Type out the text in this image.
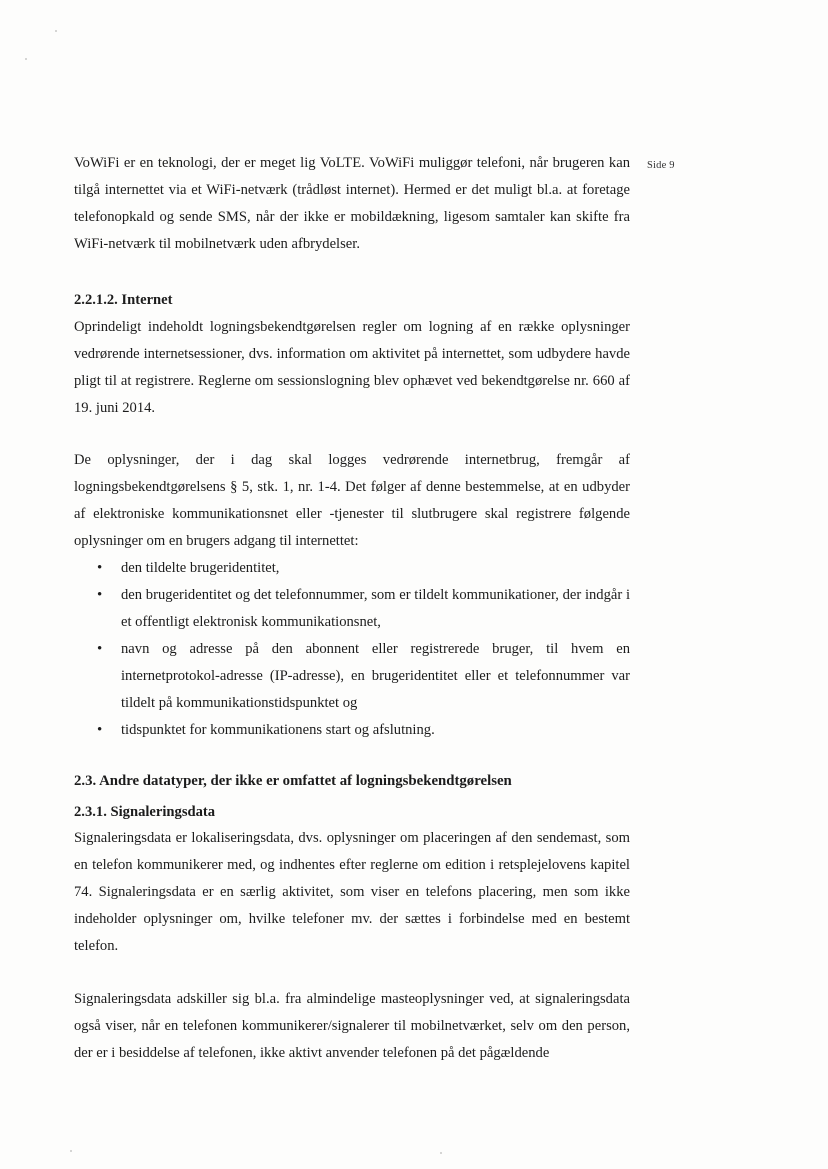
Side 9

VoWiFi er en teknologi, der er meget lig VoLTE. VoWiFi muliggør telefoni, når brugeren kan tilgå internettet via et WiFi-netværk (trådløst internet). Hermed er det muligt bl.a. at foretage telefonopkald og sende SMS, når der ikke er mobildækning, ligesom samtaler kan skifte fra WiFi-netværk til mobilnetværk uden afbrydelser.

2.2.1.2. Internet

Oprindeligt indeholdt logningsbekendtgørelsen regler om logning af en række oplysninger vedrørende internetsessioner, dvs. information om aktivitet på internettet, som udbydere havde pligt til at registrere. Reglerne om sessionslogning blev ophævet ved bekendtgørelse nr. 660 af 19. juni 2014.

De oplysninger, der i dag skal logges vedrørende internetbrug, fremgår af logningsbekendtgørelsens § 5, stk. 1, nr. 1-4. Det følger af denne bestemmelse, at en udbyder af elektroniske kommunikationsnet eller -tjenester til slutbrugere skal registrere følgende oplysninger om en brugers adgang til internettet:

• den tildelte brugeridentitet,
• den brugeridentitet og det telefonnummer, som er tildelt kommunikationer, der indgår i et offentligt elektronisk kommunikationsnet,
• navn og adresse på den abonnent eller registrerede bruger, til hvem en internetprotokol-adresse (IP-adresse), en brugeridentitet eller et telefonnummer var tildelt på kommunikationstidspunktet og
• tidspunktet for kommunikationens start og afslutning.

2.3. Andre datatyper, der ikke er omfattet af logningsbekendtgørelsen

2.3.1. Signaleringsdata

Signaleringsdata er lokaliseringsdata, dvs. oplysninger om placeringen af den sendemast, som en telefon kommunikerer med, og indhentes efter reglerne om edition i retsplejelovens kapitel 74. Signaleringsdata er en særlig aktivitet, som viser en telefons placering, men som ikke indeholder oplysninger om, hvilke telefoner mv. der sættes i forbindelse med en bestemt telefon.

Signaleringsdata adskiller sig bl.a. fra almindelige masteoplysninger ved, at signaleringsdata også viser, når en telefonen kommunikerer/signalerer til mobilnetværket, selv om den person, der er i besiddelse af telefonen, ikke aktivt anvender telefonen på det pågældende
